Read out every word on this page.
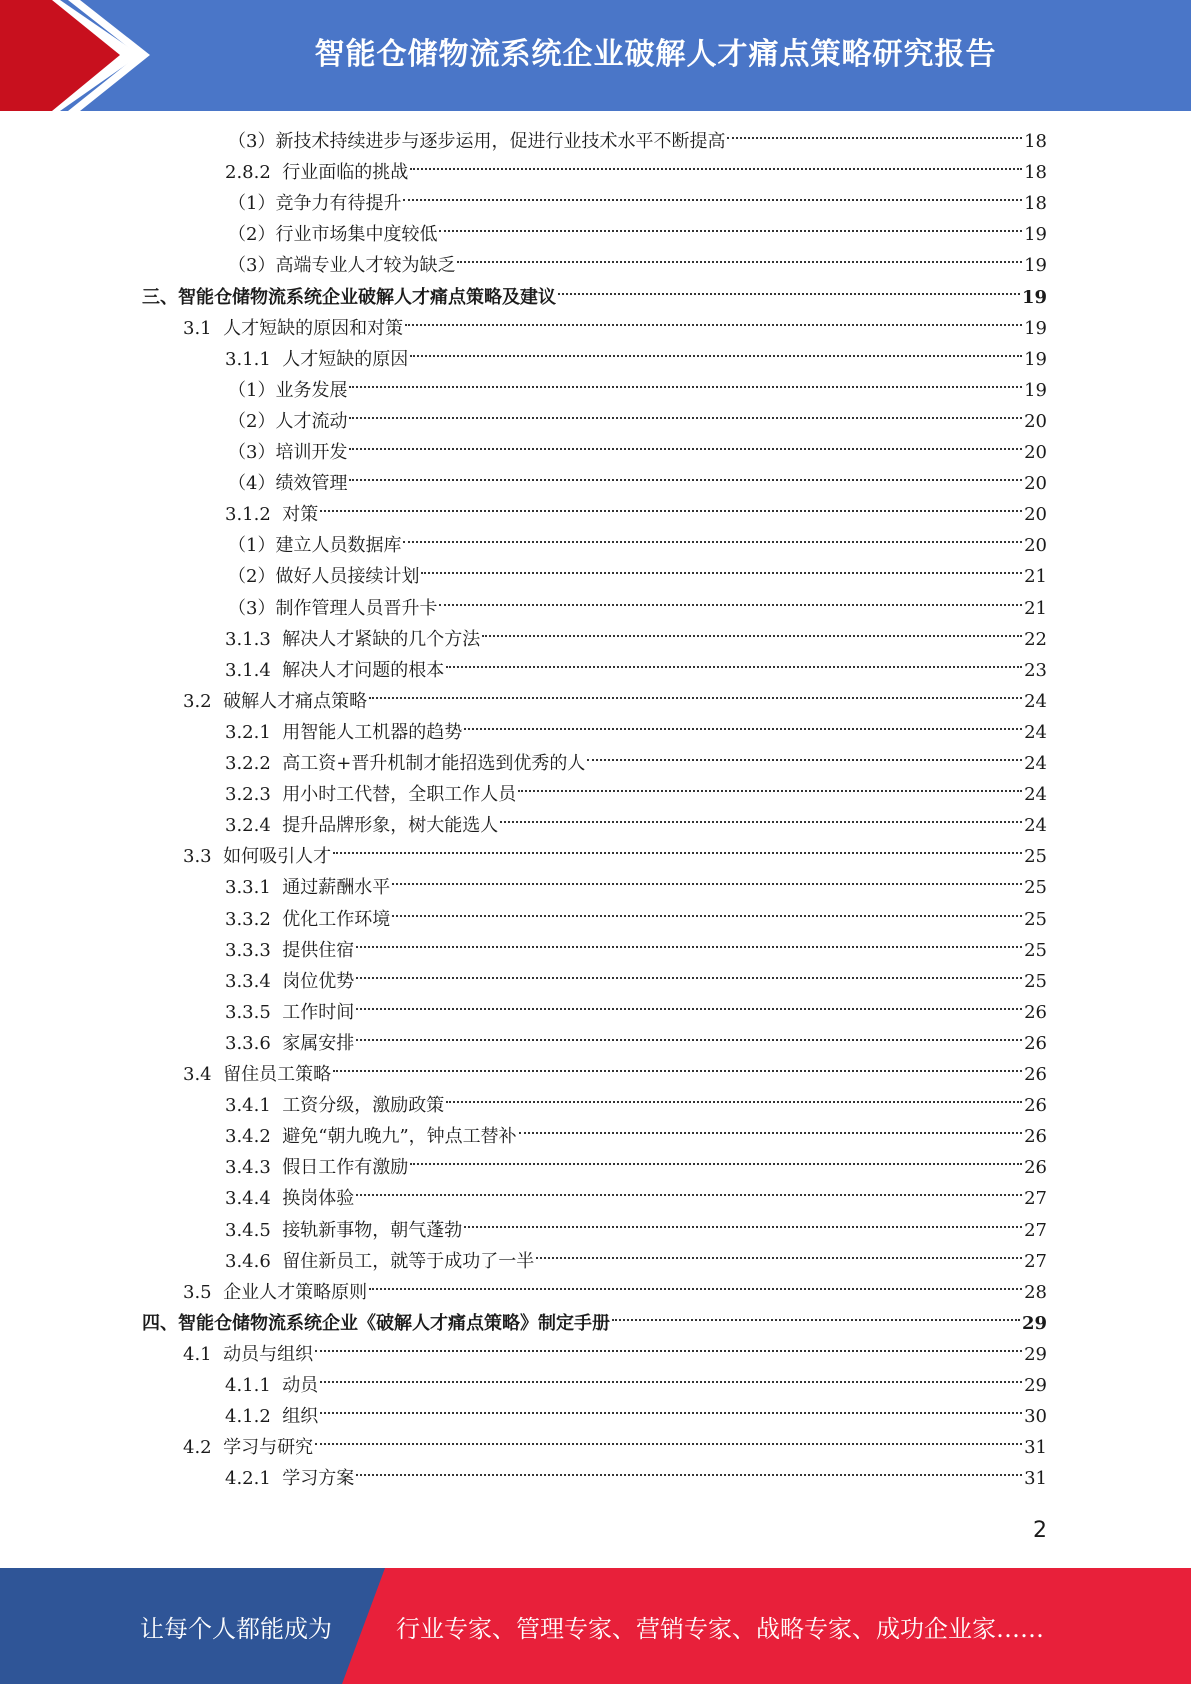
智能仓储物流系统企业破解人才痛点策略研究报告
（3）新技术持续进步与逐步运用，促进行业技术水平不断提高	18
2.8.2  行业面临的挑战	18
（1）竞争力有待提升	18
（2）行业市场集中度较低	19
（3）高端专业人才较为缺乏	19
三、智能仓储物流系统企业破解人才痛点策略及建议	19
3.1  人才短缺的原因和对策	19
3.1.1  人才短缺的原因	19
（1）业务发展	19
（2）人才流动	20
（3）培训开发	20
（4）绩效管理	20
3.1.2  对策	20
（1）建立人员数据库	20
（2）做好人员接续计划	21
（3）制作管理人员晋升卡	21
3.1.3  解决人才紧缺的几个方法	22
3.1.4  解决人才问题的根本	23
3.2  破解人才痛点策略	24
3.2.1  用智能人工机器的趋势	24
3.2.2  高工资+晋升机制才能招选到优秀的人	24
3.2.3  用小时工代替，全职工作人员	24
3.2.4  提升品牌形象，树大能选人	24
3.3  如何吸引人才	25
3.3.1  通过薪酬水平	25
3.3.2  优化工作环境	25
3.3.3  提供住宿	25
3.3.4  岗位优势	25
3.3.5  工作时间	26
3.3.6  家属安排	26
3.4  留住员工策略	26
3.4.1  工资分级，激励政策	26
3.4.2  避免“朝九晚九”，钟点工替补	26
3.4.3  假日工作有激励	26
3.4.4  换岗体验	27
3.4.5  接轨新事物，朝气蓬勃	27
3.4.6  留住新员工，就等于成功了一半	27
3.5  企业人才策略原则	28
四、智能仓储物流系统企业《破解人才痛点策略》制定手册	29
4.1  动员与组织	29
4.1.1  动员	29
4.1.2  组织	30
4.2  学习与研究	31
4.2.1  学习方案	31
2
让每个人都能成为	行业专家、管理专家、营销专家、战略专家、成功企业家……
